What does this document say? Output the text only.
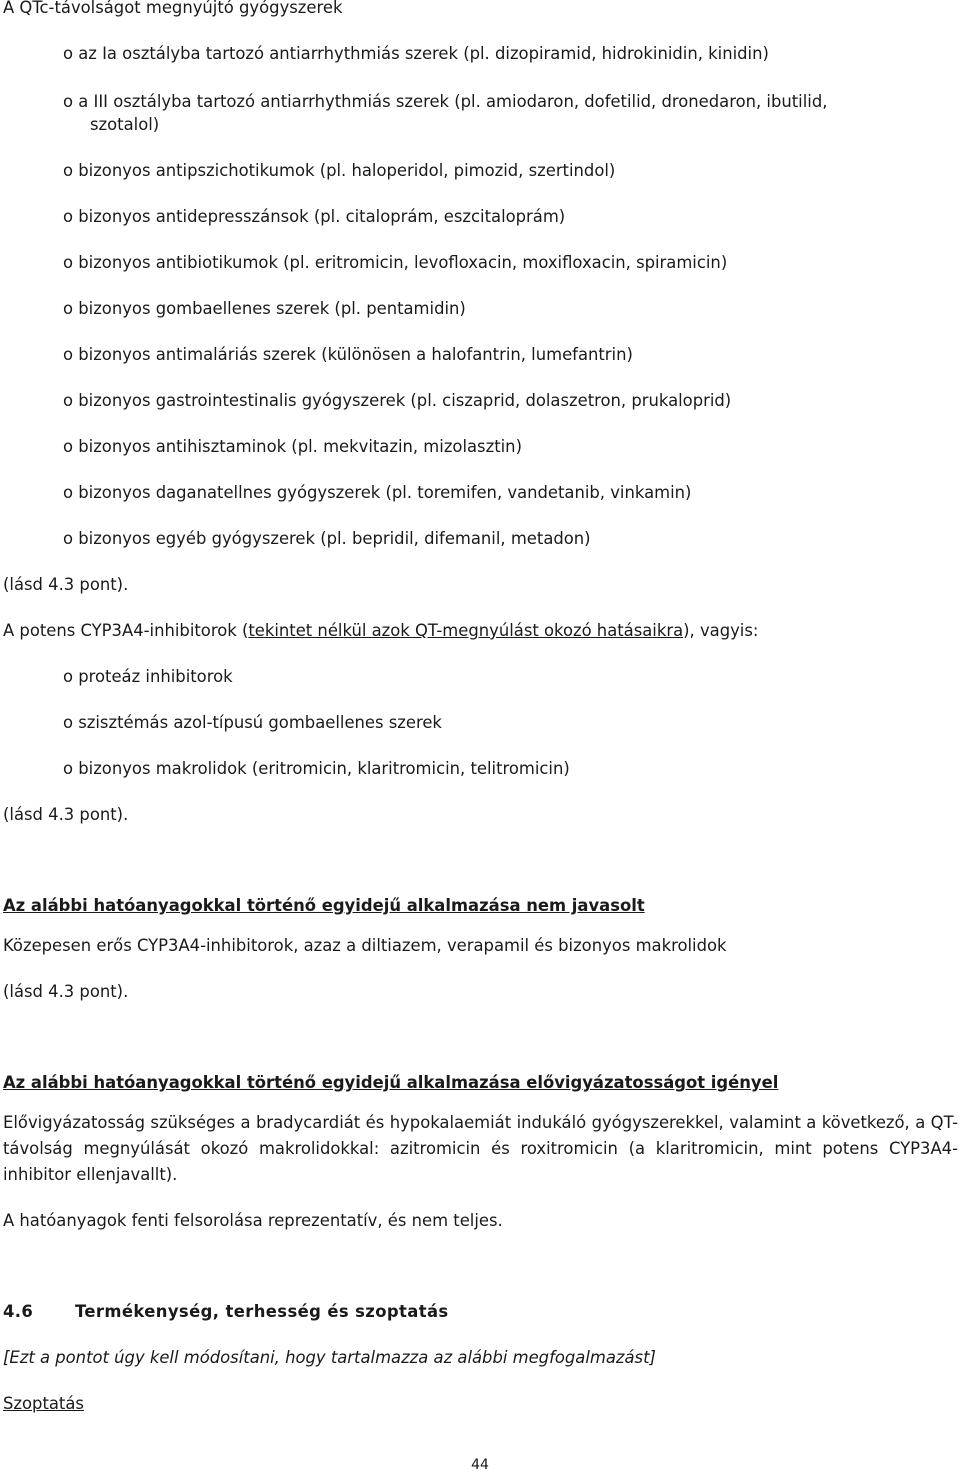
A QTc-távolságot megnyújtó gyógyszerek
o az Ia osztályba tartozó antiarrhythmiás szerek (pl. dizopiramid, hidrokinidin, kinidin)
o a III osztályba tartozó antiarrhythmiás szerek (pl. amiodaron, dofetilid, dronedaron, ibutilid,
szotalol)
o bizonyos antipszichotikumok (pl. haloperidol, pimozid, szertindol)
o bizonyos antidepresszánsok (pl. citaloprám, eszcitaloprám)
o bizonyos antibiotikumok (pl. eritromicin, levofloxacin, moxifloxacin, spiramicin)
o bizonyos gombaellenes szerek (pl. pentamidin)
o bizonyos antimaláriás szerek (különösen a halofantrin, lumefantrin)
o bizonyos gastrointestinalis gyógyszerek (pl. ciszaprid, dolaszetron, prukaloprid)
o bizonyos antihisztaminok (pl. mekvitazin, mizolasztin)
o bizonyos daganatellnes gyógyszerek (pl. toremifen, vandetanib, vinkamin)
o bizonyos egyéb gyógyszerek (pl. bepridil, difemanil, metadon)
(lásd 4.3 pont).
A potens CYP3A4-inhibitorok (tekintet nélkül azok QT-megnyúlást okozó hatásaikra), vagyis:
o proteáz inhibitorok
o szisztémás azol-típusú gombaellenes szerek
o bizonyos makrolidok (eritromicin, klaritromicin, telitromicin)
(lásd 4.3 pont).
Az alábbi hatóanyagokkal történő egyidejű alkalmazása nem javasolt
Közepesen erős CYP3A4-inhibitorok, azaz a diltiazem, verapamil és bizonyos makrolidok
(lásd 4.3 pont).
Az alábbi hatóanyagokkal történő egyidejű alkalmazása elővigyázatosságot igényel
Elővigyázatosság szükséges a bradycardiát és hypokalaemiát indukáló gyógyszerekkel, valamint a következő, a QT-távolság megnyúlását okozó makrolidokkal: azitromicin és roxitromicin (a klaritromicin, mint potens CYP3A4-inhibitor ellenjavallt).
A hatóanyagok fenti felsorolása reprezentatív, és nem teljes.
4.6	Termékenység, terhesség és szoptatás
[Ezt a pontot úgy kell módosítani, hogy tartalmazza az alábbi megfogalmazást]
Szoptatás
44
